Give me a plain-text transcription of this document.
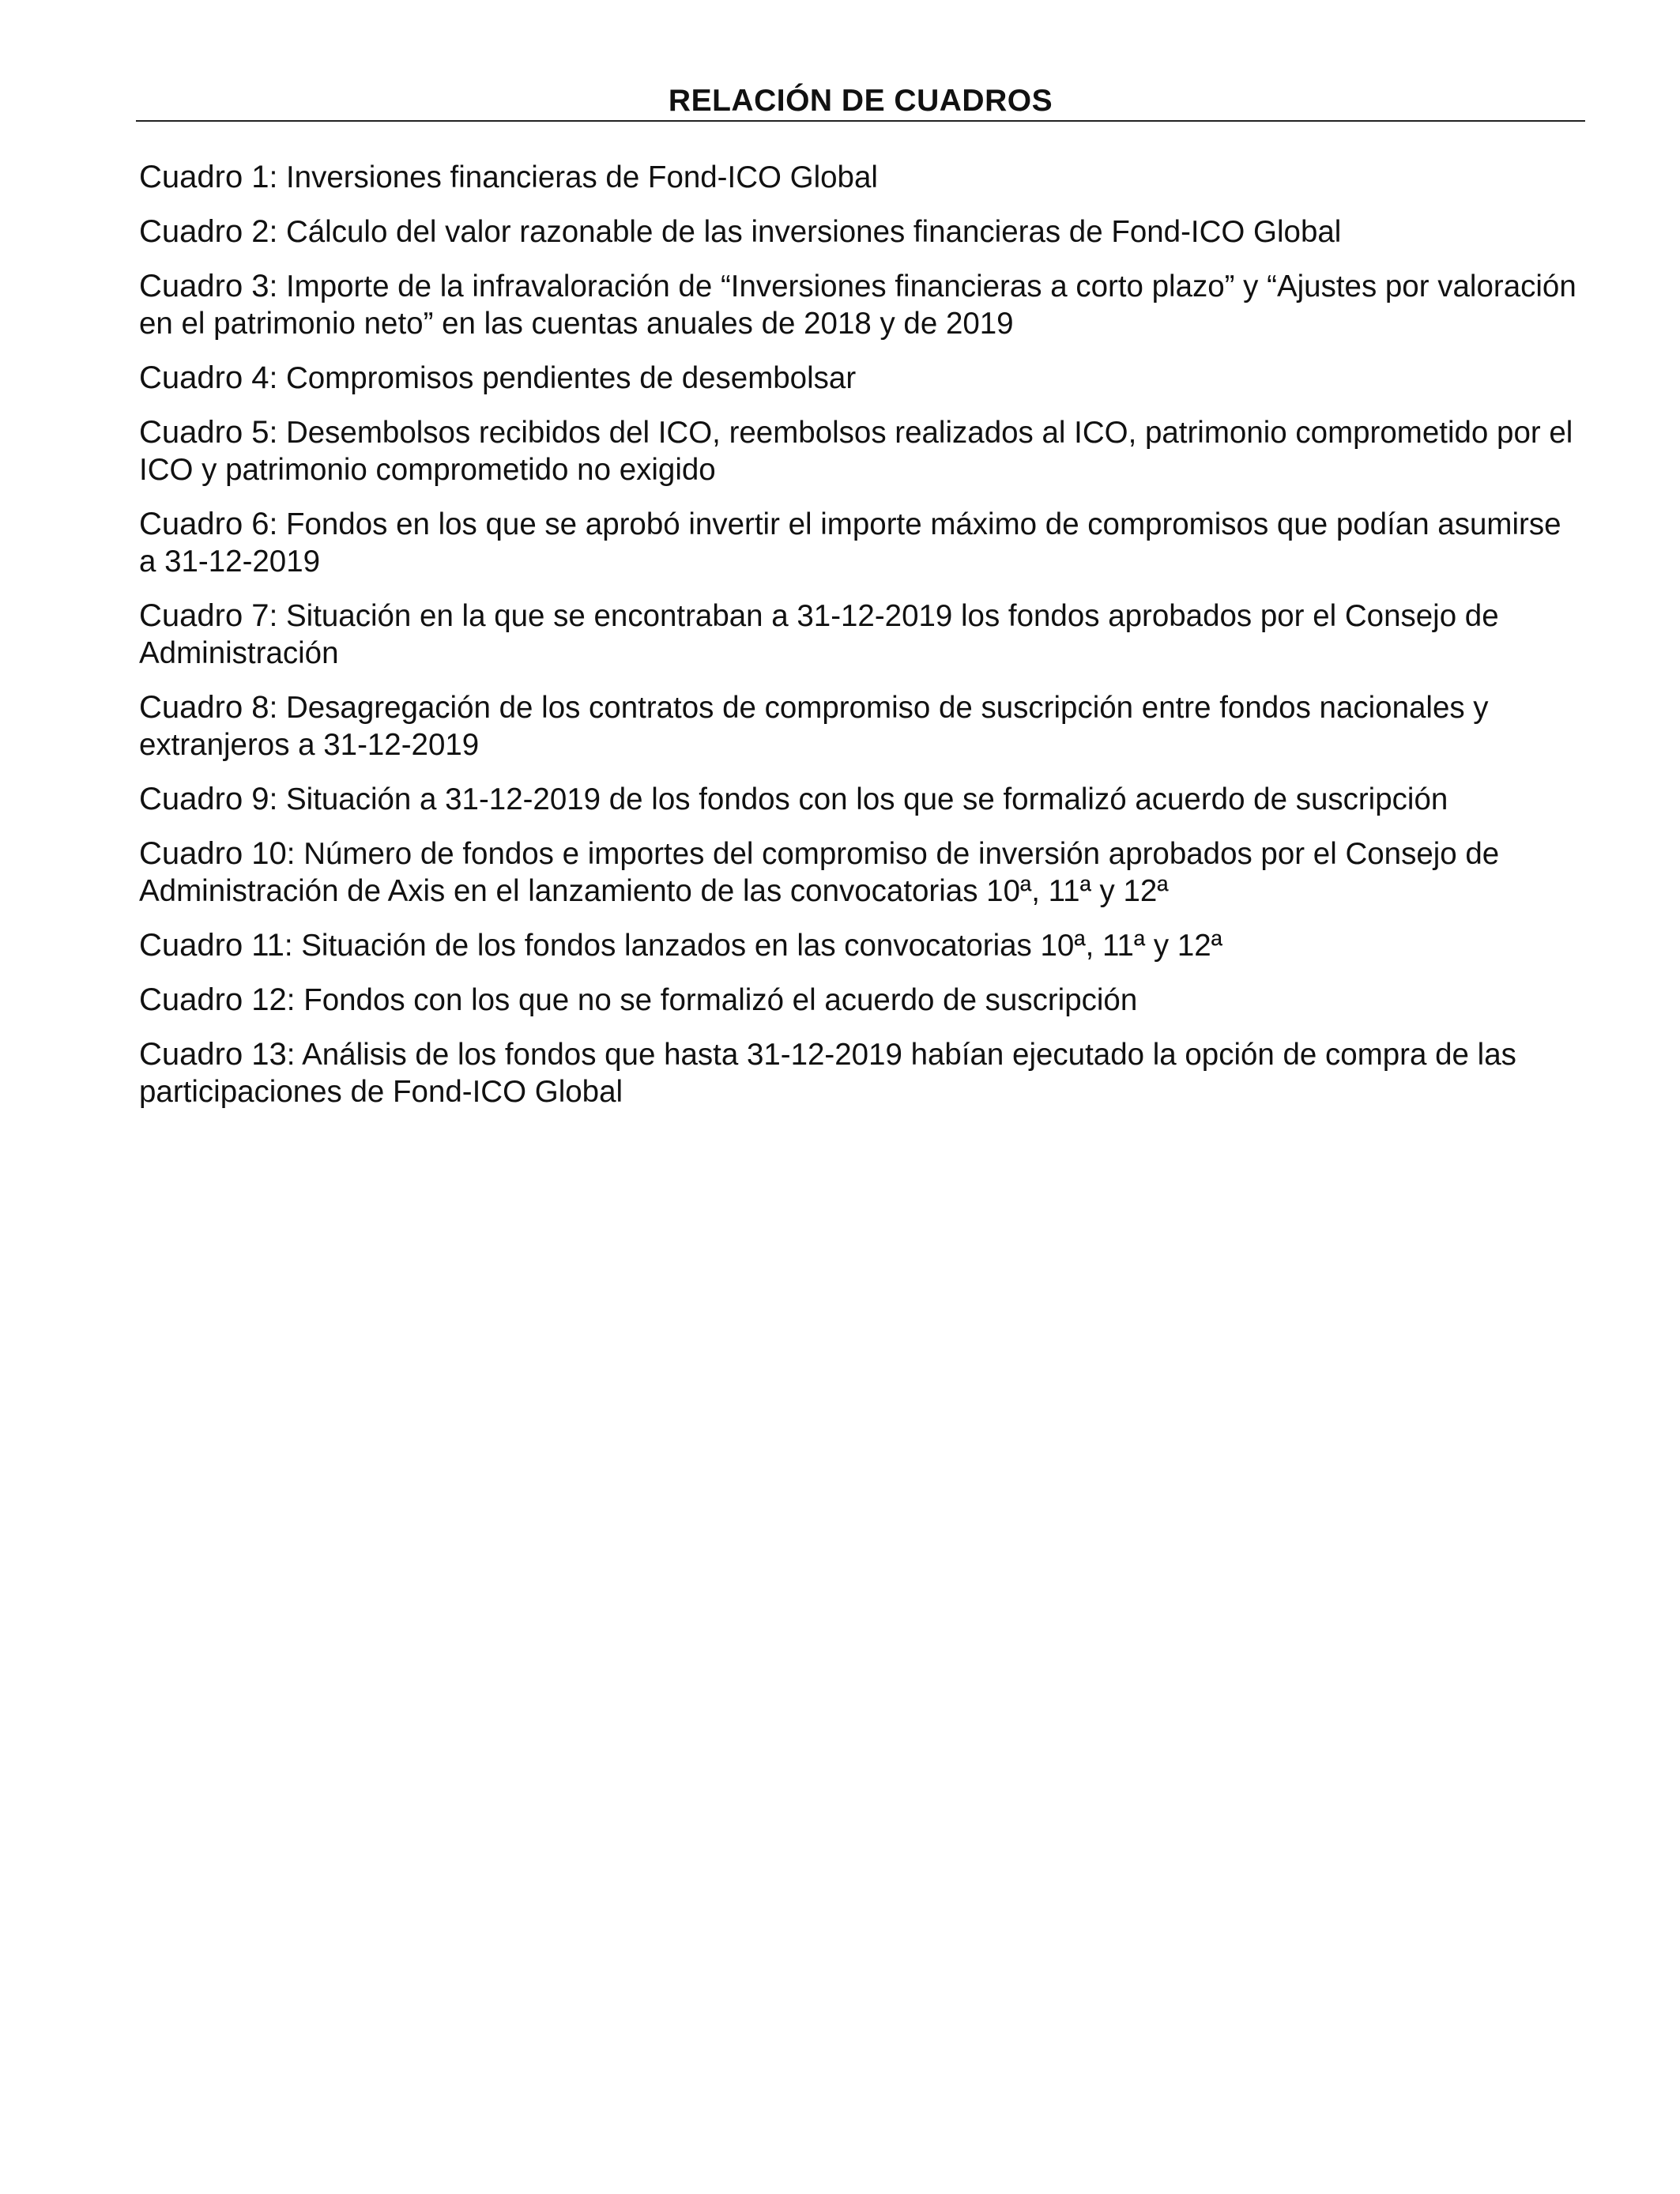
RELACIÓN DE CUADROS
Cuadro 1: Inversiones financieras de Fond-ICO Global
Cuadro 2: Cálculo del valor razonable de las inversiones financieras de Fond-ICO Global
Cuadro 3: Importe de la infravaloración de “Inversiones financieras a corto plazo” y “Ajustes por valoración en el patrimonio neto” en las cuentas anuales de 2018 y de 2019
Cuadro 4: Compromisos pendientes de desembolsar
Cuadro 5: Desembolsos recibidos del ICO, reembolsos realizados al ICO, patrimonio comprometido por el ICO y patrimonio comprometido no exigido
Cuadro 6: Fondos en los que se aprobó invertir el importe máximo de compromisos que podían asumirse a 31-12-2019
Cuadro 7: Situación en la que se encontraban a 31-12-2019 los fondos aprobados por el Consejo de Administración
Cuadro 8: Desagregación de los contratos de compromiso de suscripción entre fondos nacionales y extranjeros a 31-12-2019
Cuadro 9: Situación a 31-12-2019 de los fondos con los que se formalizó acuerdo de suscripción
Cuadro 10: Número de fondos e importes del compromiso de inversión aprobados por el Consejo de Administración de Axis en el lanzamiento de las convocatorias 10ª, 11ª y 12ª
Cuadro 11: Situación de los fondos lanzados en las convocatorias 10ª, 11ª y 12ª
Cuadro 12: Fondos con los que no se formalizó el acuerdo de suscripción
Cuadro 13: Análisis de los fondos que hasta 31-12-2019 habían ejecutado la opción de compra de las participaciones de Fond-ICO Global
